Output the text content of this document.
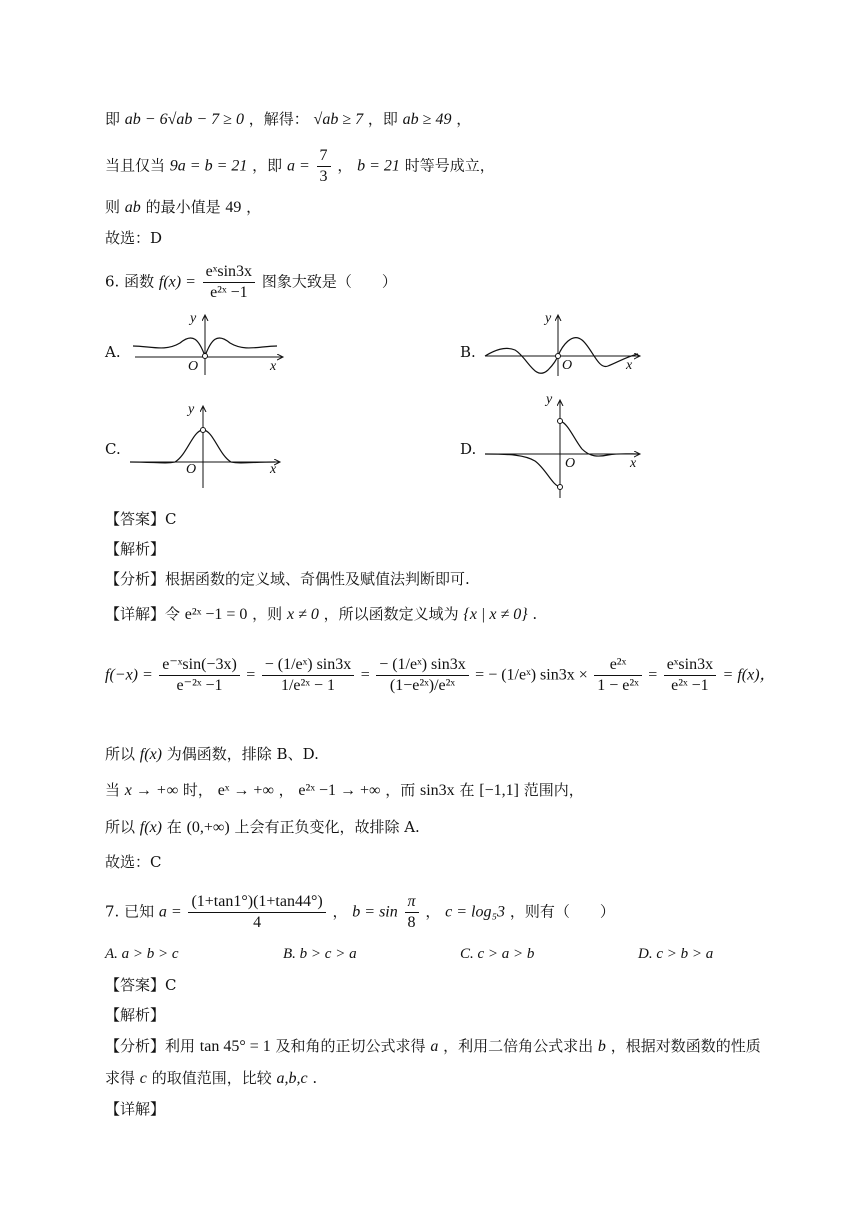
即 ab − 6√ab − 7 ≥ 0 ，解得： √ab ≥ 7 ，即 ab ≥ 49 ，
当且仅当 9a = b = 21 ，即 $a = \frac{7}{3}$ ， b = 21 时等号成立，
则 ab 的最小值是 49 ，
故选：D
6. 函数 $f(x) = \frac{\text{eˣsin3x}}{\text{e²ˣ −1}}$ 图象大致是（　　）
A.	B.
C.	D.
y
x
O
y
x
O
y
x
O
y
x
O
【答案】C
【解析】
【分析】根据函数的定义域、奇偶性及赋值法判断即可.
【详解】令 e²ˣ −1 = 0 ，则 x ≠ 0 ，所以函数定义域为 {x | x ≠ 0} .
$f(-x) = \frac{\text{e⁻ˣsin(−3x)}}{\text{e⁻²ˣ −1}} = \frac{\text{− (1/eˣ) sin3x}}{\text{1/e²ˣ − 1}} = \frac{\text{− (1/eˣ) sin3x}}{\text{(1−e²ˣ)/e²ˣ}}$ = − (1/eˣ) $\sin 3x \times \frac{\text{e²ˣ}}{\text{1 − e²ˣ}} = \frac{\text{eˣsin3x}}{\text{e²ˣ −1}} = f(x)$，
所以 f(x) 为偶函数，排除 B、D.
当 x → +∞ 时， eˣ → +∞ ， e²ˣ −1 → +∞ ，而 sin3x 在 [−1,1] 范围内，
所以 f(x) 在 (0,+∞) 上会有正负变化，故排除 A.
故选：C
7. 已知 $a = \frac{(1+\tan 1^\circ)(1+\tan 44^\circ)}{4}$ ， $b = \sin \frac{\pi}{8}$ ， c = log₅3 ，则有（　　）
A. a > b > c	B. b > c > a	C. c > a > b	D. c > b > a
【答案】C
【解析】
【分析】利用 tan 45° = 1 及和角的正切公式求得 a ，利用二倍角公式求出 b ，根据对数函数的性质
求得 c 的取值范围，比较 a,b,c .
【详解】
